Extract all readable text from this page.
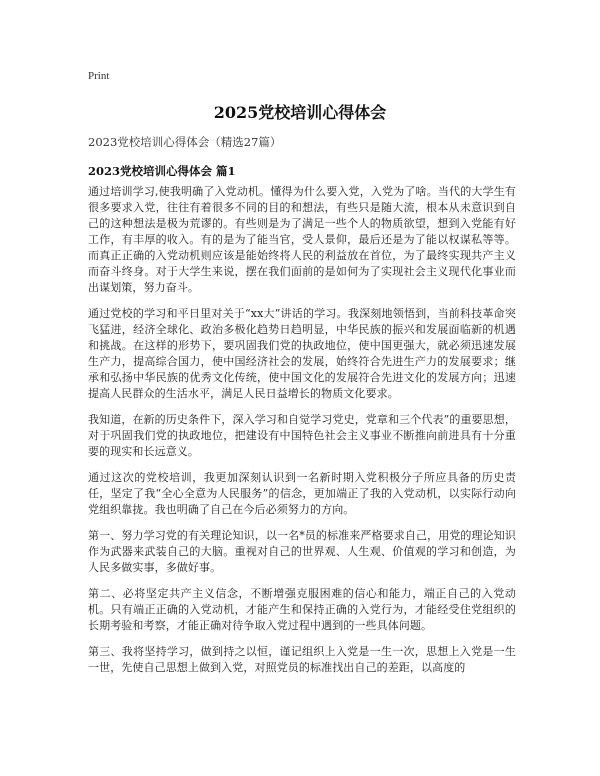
Print
2025党校培训心得体会
2023党校培训心得体会（精选27篇）
2023党校培训心得体会 篇1

通过培训学习,使我明确了入党动机。懂得为什么要入党，入党为了啥。当代的大学生有很多要求入党，往往有着很多不同的目的和想法，有些只是随大流，根本从未意识到自己的这种想法是极为荒谬的。有些则是为了满足一些个人的物质欲望，想到入党能有好工作，有丰厚的收入。有的是为了能当官，受人景仰，最后还是为了能以权谋私等等。而真正正确的入党动机则应该是能始终将人民的利益放在首位，为了最终实现共产主义而奋斗终身。对于大学生来说，摆在我们面前的是如何为了实现社会主义现代化事业而出谋划策，努力奋斗。

通过党校的学习和平日里对关于“xx大”讲话的学习。我深刻地领悟到，当前科技革命突飞猛进，经济全球化、政治多极化趋势日趋明显，中华民族的振兴和发展面临新的机遇和挑战。在这样的形势下，要巩固我们党的执政地位，使中国更强大，就必须迅速发展生产力，提高综合国力，使中国经济社会的发展，始终符合先进生产力的发展要求；继承和弘扬中华民族的优秀文化传统，使中国文化的发展符合先进文化的发展方向；迅速提高人民群众的生活水平，满足人民日益增长的物质文化要求。

我知道，在新的历史条件下，深入学习和自觉学习党史，党章和三个代表”的重要思想，对于巩固我们党的执政地位，把建设有中国特色社会主义事业不断推向前进具有十分重要的现实和长远意义。

通过这次的党校培训，我更加深刻认识到一名新时期入党积极分子所应具备的历史责任，坚定了我“全心全意为人民服务”的信念，更加端正了我的入党动机，以实际行动向党组织靠拢。我也明确了自己在今后必须努力的方向。

第一、努力学习党的有关理论知识，以一名*员的标准来严格要求自己，用党的理论知识作为武器来武装自己的大脑。重视对自己的世界观、人生观、价值观的学习和创造，为人民多做实事，多做好事。

第二、必将坚定共产主义信念，不断增强克服困难的信心和能力，端正自己的入党动机。只有端正正确的入党动机，才能产生和保持正确的入党行为，才能经受住党组织的长期考验和考察，才能正确对待争取入党过程中遇到的一些具体问题。

第三、我将坚持学习，做到持之以恒，谨记组织上入党是一生一次，思想上入党是一生一世，先使自己思想上做到入党，对照党员的标准找出自己的差距，以高度的
